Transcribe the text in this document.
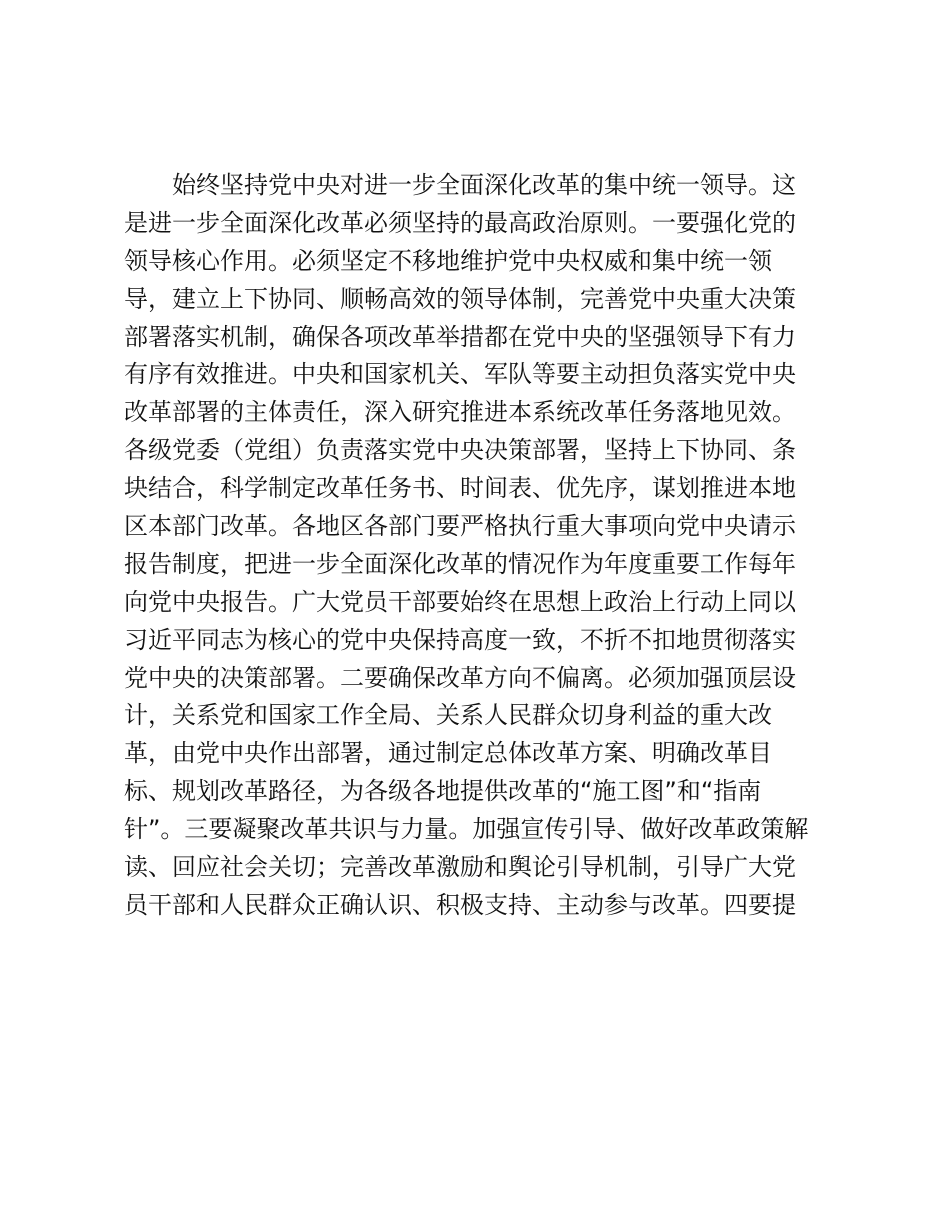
始终坚持党中央对进一步全面深化改革的集中统一领导。这
是进一步全面深化改革必须坚持的最高政治原则。一要强化党的
领导核心作用。必须坚定不移地维护党中央权威和集中统一领
导，建立上下协同、顺畅高效的领导体制，完善党中央重大决策
部署落实机制，确保各项改革举措都在党中央的坚强领导下有力
有序有效推进。中央和国家机关、军队等要主动担负落实党中央
改革部署的主体责任，深入研究推进本系统改革任务落地见效。
各级党委（党组）负责落实党中央决策部署，坚持上下协同、条
块结合，科学制定改革任务书、时间表、优先序，谋划推进本地
区本部门改革。各地区各部门要严格执行重大事项向党中央请示
报告制度，把进一步全面深化改革的情况作为年度重要工作每年
向党中央报告。广大党员干部要始终在思想上政治上行动上同以
习近平同志为核心的党中央保持高度一致，不折不扣地贯彻落实
党中央的决策部署。二要确保改革方向不偏离。必须加强顶层设
计，关系党和国家工作全局、关系人民群众切身利益的重大改
革，由党中央作出部署，通过制定总体改革方案、明确改革目
标、规划改革路径，为各级各地提供改革的“施工图”和“指南
针”。三要凝聚改革共识与力量。加强宣传引导、做好改革政策解
读、回应社会关切；完善改革激励和舆论引导机制，引导广大党
员干部和人民群众正确认识、积极支持、主动参与改革。四要提
